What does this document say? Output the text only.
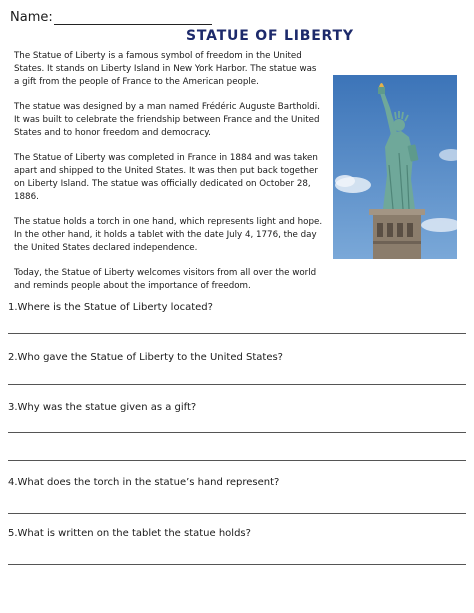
Name:
STATUE OF LIBERTY

The Statue of Liberty is a famous symbol of freedom in the United States. It stands on Liberty Island in New York Harbor. The statue was a gift from the people of France to the American people.

The statue was designed by a man named Frédéric Auguste Bartholdi. It was built to celebrate the friendship between France and the United States and to honor freedom and democracy.

The Statue of Liberty was completed in France in 1884 and was taken apart and shipped to the United States. It was then put back together on Liberty Island. The statue was officially dedicated on October 28, 1886.

The statue holds a torch in one hand, which represents light and hope. In the other hand, it holds a tablet with the date July 4, 1776, the day the United States declared independence.

Today, the Statue of Liberty welcomes visitors from all over the world and reminds people about the importance of freedom.

1.Where is the Statue of Liberty located?
2.Who gave the Statue of Liberty to the United States?
3.Why was the statue given as a gift?
4.What does the torch in the statue’s hand represent?
5.What is written on the tablet the statue holds?
